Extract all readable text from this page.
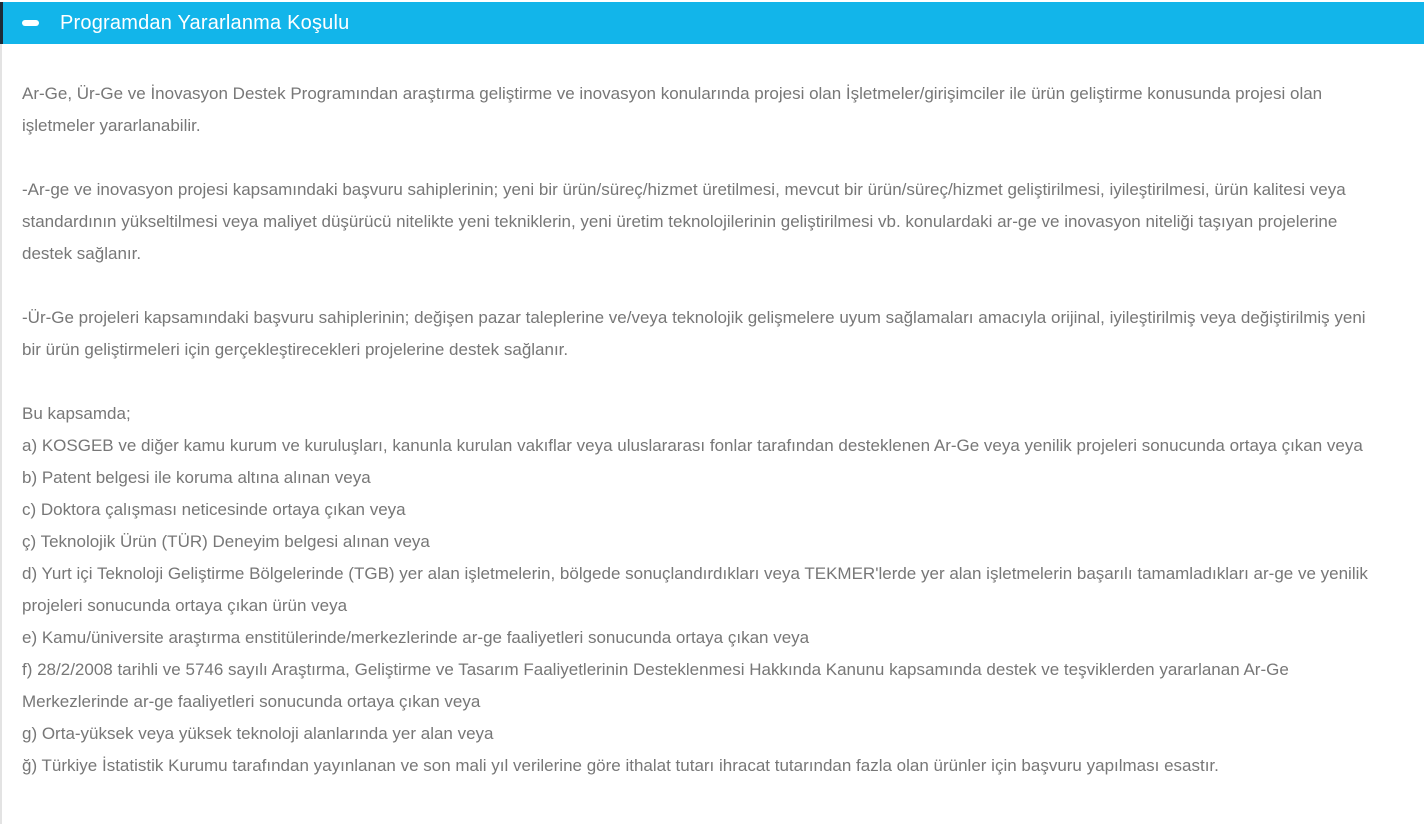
Programdan Yararlanma Koşulu

Ar-Ge, Ür-Ge ve İnovasyon Destek Programından araştırma geliştirme ve inovasyon konularında projesi olan İşletmeler/girişimciler ile ürün geliştirme konusunda projesi olan işletmeler yararlanabilir.

-Ar-ge ve inovasyon projesi kapsamındaki başvuru sahiplerinin; yeni bir ürün/süreç/hizmet üretilmesi, mevcut bir ürün/süreç/hizmet geliştirilmesi, iyileştirilmesi, ürün kalitesi veya standardının yükseltilmesi veya maliyet düşürücü nitelikte yeni tekniklerin, yeni üretim teknolojilerinin geliştirilmesi vb. konulardaki ar-ge ve inovasyon niteliği taşıyan projelerine destek sağlanır.

-Ür-Ge projeleri kapsamındaki başvuru sahiplerinin; değişen pazar taleplerine ve/veya teknolojik gelişmelere uyum sağlamaları amacıyla orijinal, iyileştirilmiş veya değiştirilmiş yeni bir ürün geliştirmeleri için gerçekleştirecekleri projelerine destek sağlanır.

Bu kapsamda;
a) KOSGEB ve diğer kamu kurum ve kuruluşları, kanunla kurulan vakıflar veya uluslararası fonlar tarafından desteklenen Ar-Ge veya yenilik projeleri sonucunda ortaya çıkan veya
b) Patent belgesi ile koruma altına alınan veya
c) Doktora çalışması neticesinde ortaya çıkan veya
ç) Teknolojik Ürün (TÜR) Deneyim belgesi alınan veya
d) Yurt içi Teknoloji Geliştirme Bölgelerinde (TGB) yer alan işletmelerin, bölgede sonuçlandırdıkları veya TEKMER'lerde yer alan işletmelerin başarılı tamamladıkları ar-ge ve yenilik projeleri sonucunda ortaya çıkan ürün veya
e) Kamu/üniversite araştırma enstitülerinde/merkezlerinde ar-ge faaliyetleri sonucunda ortaya çıkan veya
f) 28/2/2008 tarihli ve 5746 sayılı Araştırma, Geliştirme ve Tasarım Faaliyetlerinin Desteklenmesi Hakkında Kanunu kapsamında destek ve teşviklerden yararlanan Ar-Ge Merkezlerinde ar-ge faaliyetleri sonucunda ortaya çıkan veya
g) Orta-yüksek veya yüksek teknoloji alanlarında yer alan veya
ğ) Türkiye İstatistik Kurumu tarafından yayınlanan ve son mali yıl verilerine göre ithalat tutarı ihracat tutarından fazla olan ürünler için başvuru yapılması esastır.
